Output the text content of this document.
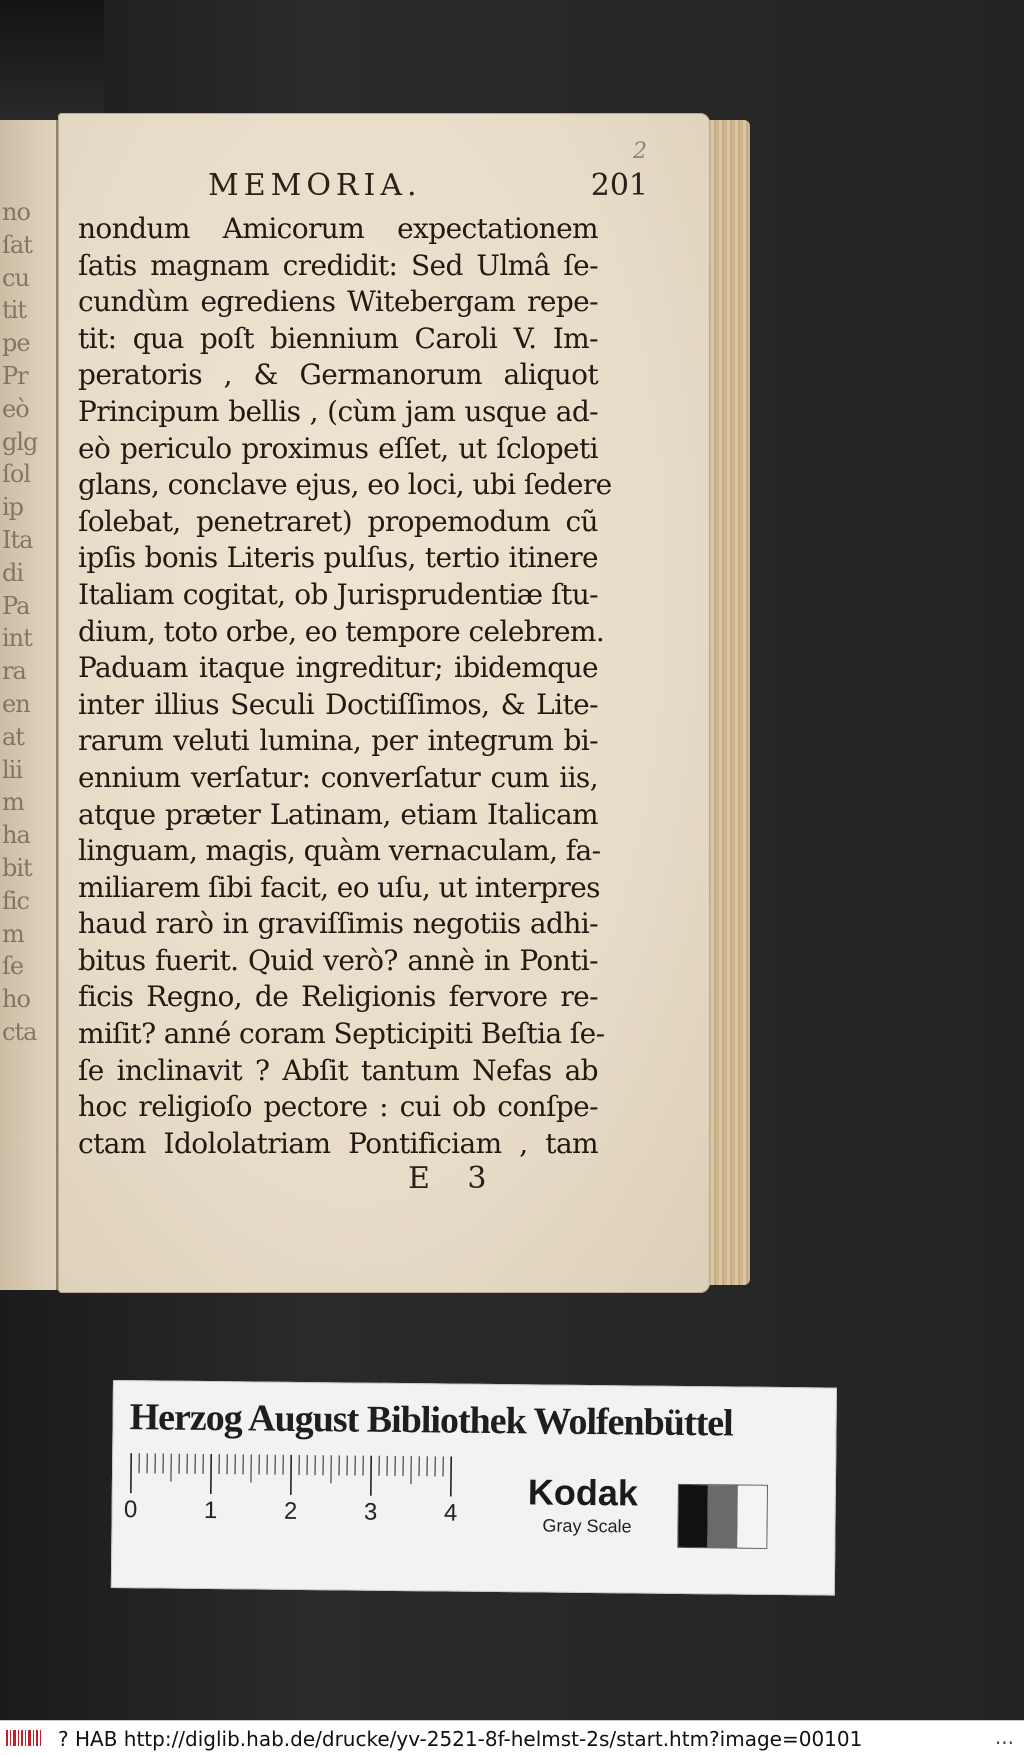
no
ſat
cu
tit
pe
Pr
eò
glg
ſol
ip
Ita
di
Pa
int
ra
en
at
lii
m
ha
bit
fic
m
ſe
ho
cta
2
MEMORIA.	201
nondum Amicorum expectationem
ſatis magnam credidit: Sed Ulmâ ſe-
cundùm egrediens Witebergam repe-
tit: qua poſt biennium Caroli V. Im-
peratoris , & Germanorum aliquot
Principum bellis , (cùm jam usque ad-
eò periculo proximus eſſet, ut ſclopeti
glans, conclave ejus, eo loci, ubi ſedere
ſolebat, penetraret) propemodum cũ
ipſis bonis Literis pulſus, tertio itinere
Italiam cogitat, ob Jurisprudentiæ ſtu-
dium, toto orbe, eo tempore celebrem.
Paduam itaque ingreditur; ibidemque
inter illius Seculi Doctiſſimos, & Lite-
rarum veluti lumina, per integrum bi-
ennium verſatur: converſatur cum iis,
atque præter Latinam, etiam Italicam
linguam, magis, quàm vernaculam, fa-
miliarem ſibi facit, eo uſu, ut interpres
haud rarò in graviſſimis negotiis adhi-
bitus fuerit. Quid verò? annè in Ponti-
ficis Regno, de Religionis fervore re-
miſit? anné coram Septicipiti Beſtia ſe-
ſe inclinavit ? Abſit tantum Nefas ab
hoc religioſo pectore : cui ob conſpe-
ctam Idololatriam Pontificiam , tam
E 3
Herzog August Bibliothek Wolfenbüttel
0	1	2	3	4 Kodak
Gray Scale
? HAB http://diglib.hab.de/drucke/yv-2521-8f-helmst-2s/start.htm?image=00101	...
